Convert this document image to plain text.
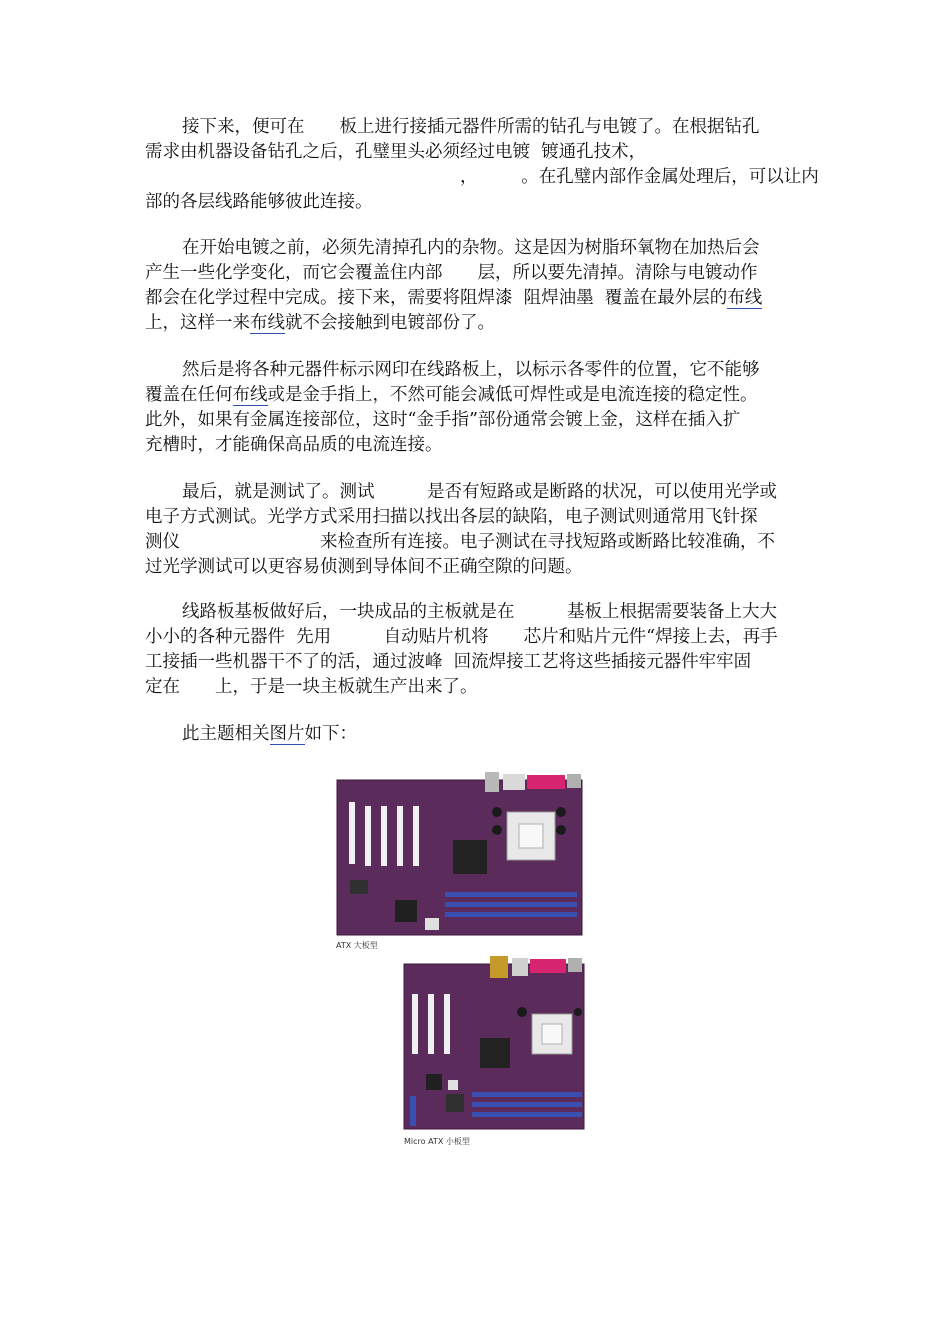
接下来，便可在　　板上进行接插元器件所需的钻孔与电镀了。在根据钻孔
需求由机器设备钻孔之后，孔璧里头必须经过电镀  镀通孔技术，
　　　　　　　　　　　　　　　　　　，　　　。在孔璧内部作金属处理后，可以让内
部的各层线路能够彼此连接。

在开始电镀之前，必须先清掉孔内的杂物。这是因为树脂环氧物在加热后会
产生一些化学变化，而它会覆盖住内部　　层，所以要先清掉。清除与电镀动作
都会在化学过程中完成。接下来，需要将阻焊漆  阻焊油墨  覆盖在最外层的布线
上，这样一来布线就不会接触到电镀部份了。

然后是将各种元器件标示网印在线路板上，以标示各零件的位置，它不能够
覆盖在任何布线或是金手指上，不然可能会减低可焊性或是电流连接的稳定性。
此外，如果有金属连接部位，这时“金手指”部份通常会镀上金，这样在插入扩
充槽时，才能确保高品质的电流连接。

最后，就是测试了。测试　　　是否有短路或是断路的状况，可以使用光学或
电子方式测试。光学方式采用扫描以找出各层的缺陷，电子测试则通常用飞针探
测仪　　　　　　　　来检查所有连接。电子测试在寻找短路或断路比较准确，不
过光学测试可以更容易侦测到导体间不正确空隙的问题。

线路板基板做好后，一块成品的主板就是在　　　基板上根据需要装备上大大
小小的各种元器件  先用　　　自动贴片机将　　芯片和贴片元件“焊接上去，再手
工接插一些机器干不了的活，通过波峰  回流焊接工艺将这些插接元器件牢牢固
定在　　上，于是一块主板就生产出来了。

此主题相关图片如下：

ATX 大板型
Micro ATX 小板型
